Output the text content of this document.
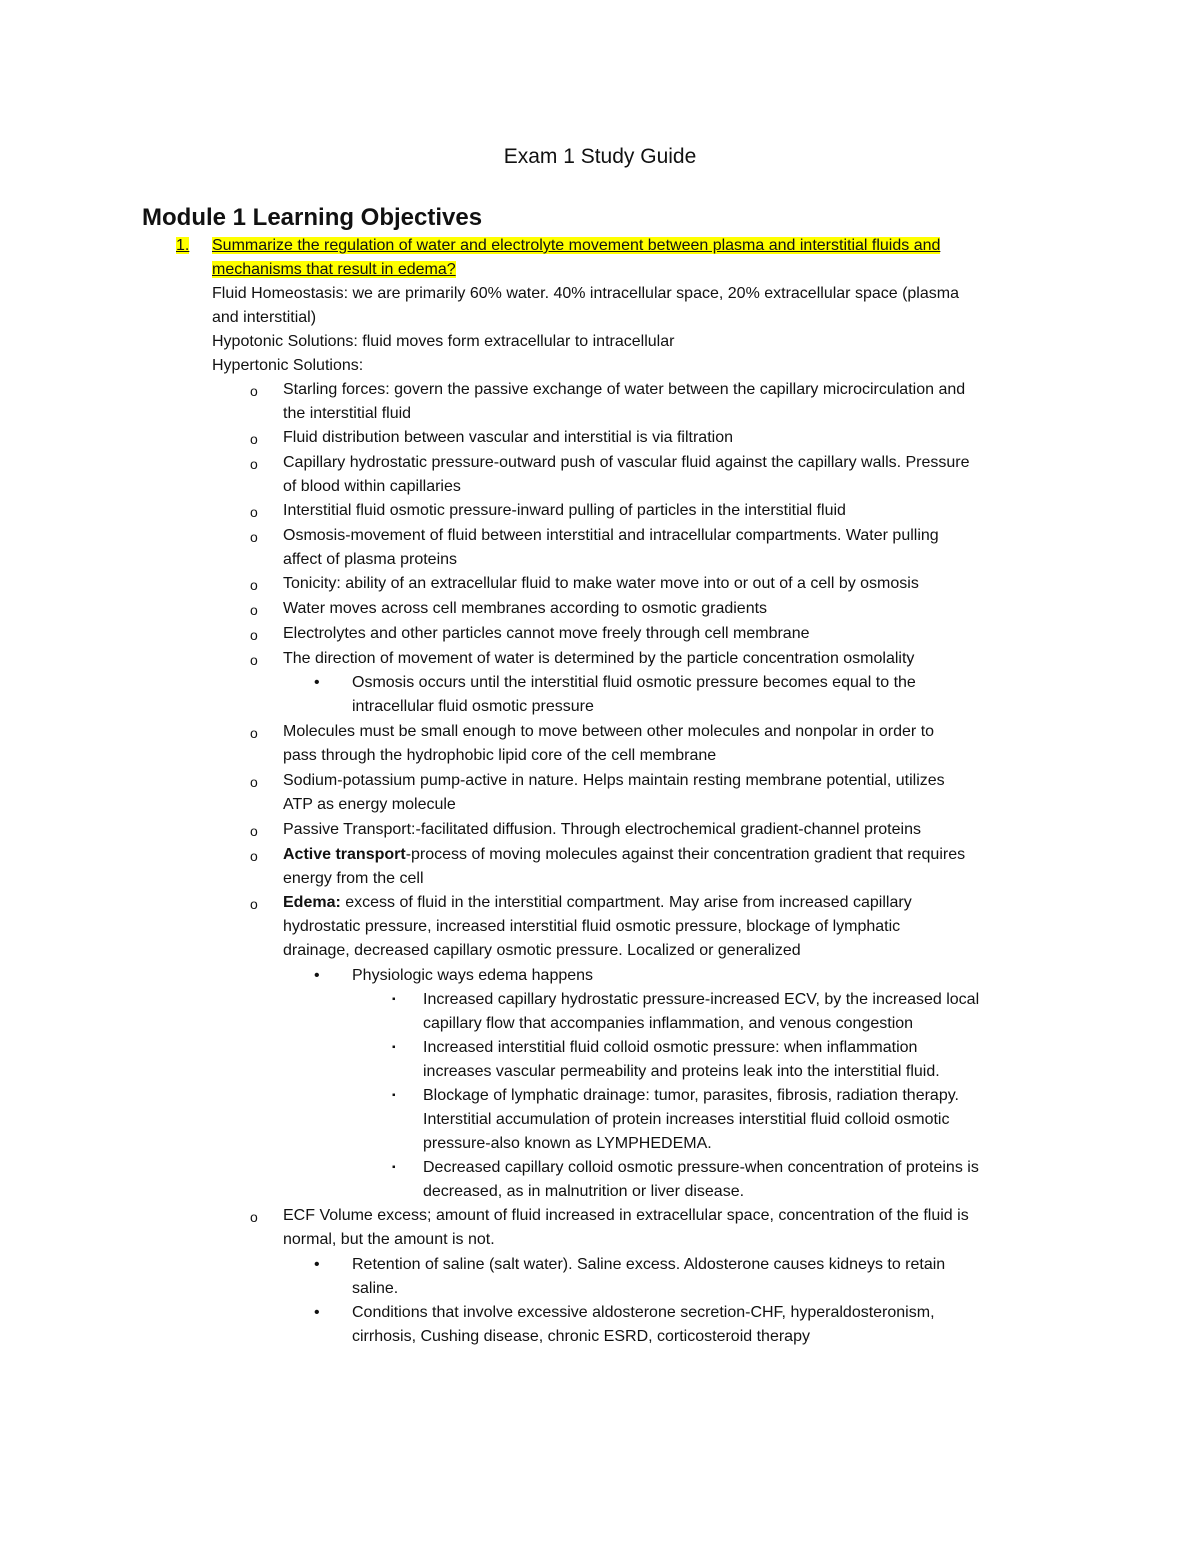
Exam 1 Study Guide
Module 1 Learning Objectives
1. Summarize the regulation of water and electrolyte movement between plasma and interstitial fluids and
mechanisms that result in edema?
Fluid Homeostasis: we are primarily 60% water. 40% intracellular space, 20% extracellular space (plasma
and interstitial)
Hypotonic Solutions: fluid moves form extracellular to intracellular
Hypertonic Solutions:
o Starling forces: govern the passive exchange of water between the capillary microcirculation and
the interstitial fluid
o Fluid distribution between vascular and interstitial is via filtration
o Capillary hydrostatic pressure-outward push of vascular fluid against the capillary walls. Pressure
of blood within capillaries
o Interstitial fluid osmotic pressure-inward pulling of particles in the interstitial fluid
o Osmosis-movement of fluid between interstitial and intracellular compartments. Water pulling
affect of plasma proteins
o Tonicity: ability of an extracellular fluid to make water move into or out of a cell by osmosis
o Water moves across cell membranes according to osmotic gradients
o Electrolytes and other particles cannot move freely through cell membrane
o The direction of movement of water is determined by the particle concentration osmolality
• Osmosis occurs until the interstitial fluid osmotic pressure becomes equal to the
intracellular fluid osmotic pressure
o Molecules must be small enough to move between other molecules and nonpolar in order to
pass through the hydrophobic lipid core of the cell membrane
o Sodium-potassium pump-active in nature. Helps maintain resting membrane potential, utilizes
ATP as energy molecule
o Passive Transport:-facilitated diffusion. Through electrochemical gradient-channel proteins
o Active transport-process of moving molecules against their concentration gradient that requires
energy from the cell
o Edema: excess of fluid in the interstitial compartment. May arise from increased capillary
hydrostatic pressure, increased interstitial fluid osmotic pressure, blockage of lymphatic
drainage, decreased capillary osmotic pressure. Localized or generalized
• Physiologic ways edema happens
▪ Increased capillary hydrostatic pressure-increased ECV, by the increased local
capillary flow that accompanies inflammation, and venous congestion
▪ Increased interstitial fluid colloid osmotic pressure: when inflammation
increases vascular permeability and proteins leak into the interstitial fluid.
▪ Blockage of lymphatic drainage: tumor, parasites, fibrosis, radiation therapy.
Interstitial accumulation of protein increases interstitial fluid colloid osmotic
pressure-also known as LYMPHEDEMA.
▪ Decreased capillary colloid osmotic pressure-when concentration of proteins is
decreased, as in malnutrition or liver disease.
o ECF Volume excess; amount of fluid increased in extracellular space, concentration of the fluid is
normal, but the amount is not.
• Retention of saline (salt water). Saline excess. Aldosterone causes kidneys to retain
saline.
• Conditions that involve excessive aldosterone secretion-CHF, hyperaldosteronism,
cirrhosis, Cushing disease, chronic ESRD, corticosteroid therapy
